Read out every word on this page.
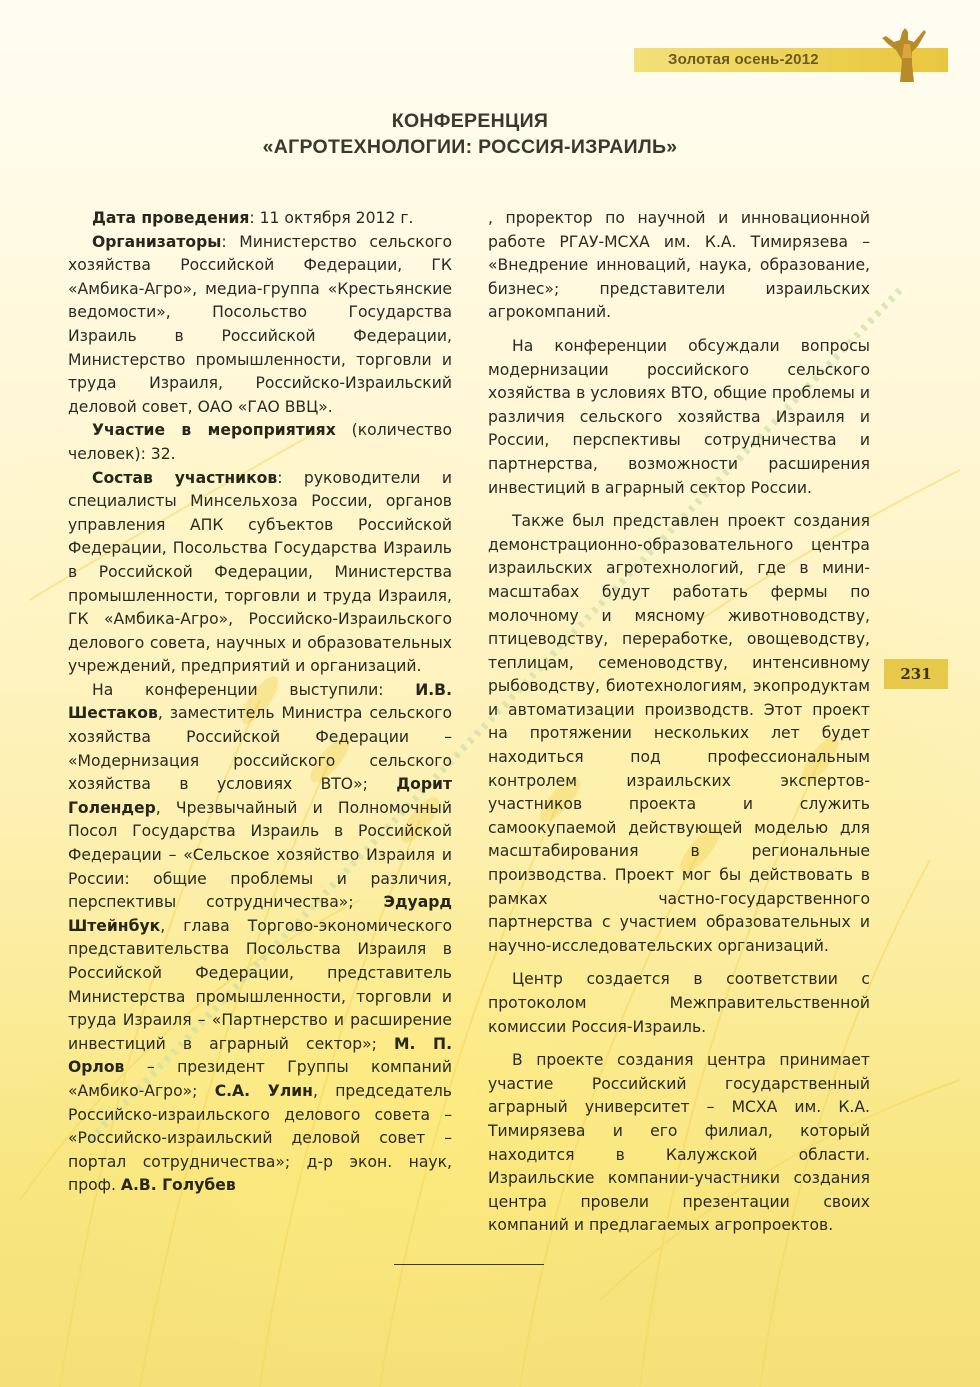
Золотая осень-2012
231
КОНФЕРЕНЦИЯ
«АГРОТЕХНОЛОГИИ: РОССИЯ-ИЗРАИЛЬ»

Дата проведения: 11 октября 2012 г.

Организаторы: Министерство сельского хозяйства Российской Федерации, ГК «Амбика-Агро», медиа-группа «Крестьянские ведомости», Посольство Государства Израиль в Российской Федерации, Министерство промышленности, торговли и труда Израиля, Российско-Израильский деловой совет, ОАО «ГАО ВВЦ».

Участие в мероприятиях (количество человек): 32.

Состав участников: руководители и специалисты Минсельхоза России, органов управления АПК субъектов Российской Федерации, Посольства Государства Израиль в Российской Федерации, Министерства промышленности, торговли и труда Израиля, ГК «Амбика-Агро», Российско-Израильского делового совета, научных и образовательных учреждений, предприятий и организаций.

На конференции выступили: И.В. Шестаков, заместитель Министра сельского хозяйства Российской Федерации – «Модернизация российского сельского хозяйства в условиях ВТО»; Дорит Голендер, Чрезвычайный и Полномочный Посол Государства Израиль в Российской Федерации – «Сельское хозяйство Израиля и России: общие проблемы и различия, перспективы сотрудничества»; Эдуард Штейнбук, глава Торгово-экономического представительства Посольства Израиля в Российской Федерации, представитель Министерства промышленности, торговли и труда Израиля – «Партнерство и расширение инвестиций в аграрный сектор»; М. П. Орлов – президент Группы компаний «Амбико-Агро»; С.А. Улин, председатель Российско-израильского делового совета – «Российско-израильский деловой совет – портал сотрудничества»; д-р экон. наук, проф. А.В. Голубев

, проректор по научной и инновационной работе РГАУ-МСХА им. К.А. Тимирязева – «Внедрение инноваций, наука, образование, бизнес»; представители израильских агрокомпаний.

На конференции обсуждали вопросы модернизации российского сельского хозяйства в условиях ВТО, общие проблемы и различия сельского хозяйства Израиля и России, перспективы сотрудничества и партнерства, возможности расширения инвестиций в аграрный сектор России.

Также был представлен проект создания демонстрационно-образовательного центра израильских агротехнологий, где в мини-масштабах будут работать фермы по молочному и мясному животноводству, птицеводству, переработке, овощеводству, теплицам, семеноводству, интенсивному рыбоводству, биотехнологиям, экопродуктам и автоматизации производств. Этот проект на протяжении нескольких лет будет находиться под профессиональным контролем израильских экспертов-участников проекта и служить самоокупаемой действующей моделью для масштабирования в региональные производства. Проект мог бы действовать в рамках частно-государственного партнерства с участием образовательных и научно-исследовательских организаций.

Центр создается в соответствии с протоколом Межправительственной комиссии Россия-Израиль.

В проекте создания центра принимает участие Российский государственный аграрный университет – МСХА им. К.А. Тимирязева и его филиал, который находится в Калужской области. Израильские компании-участники создания центра провели презентации своих компаний и предлагаемых агропроектов.
